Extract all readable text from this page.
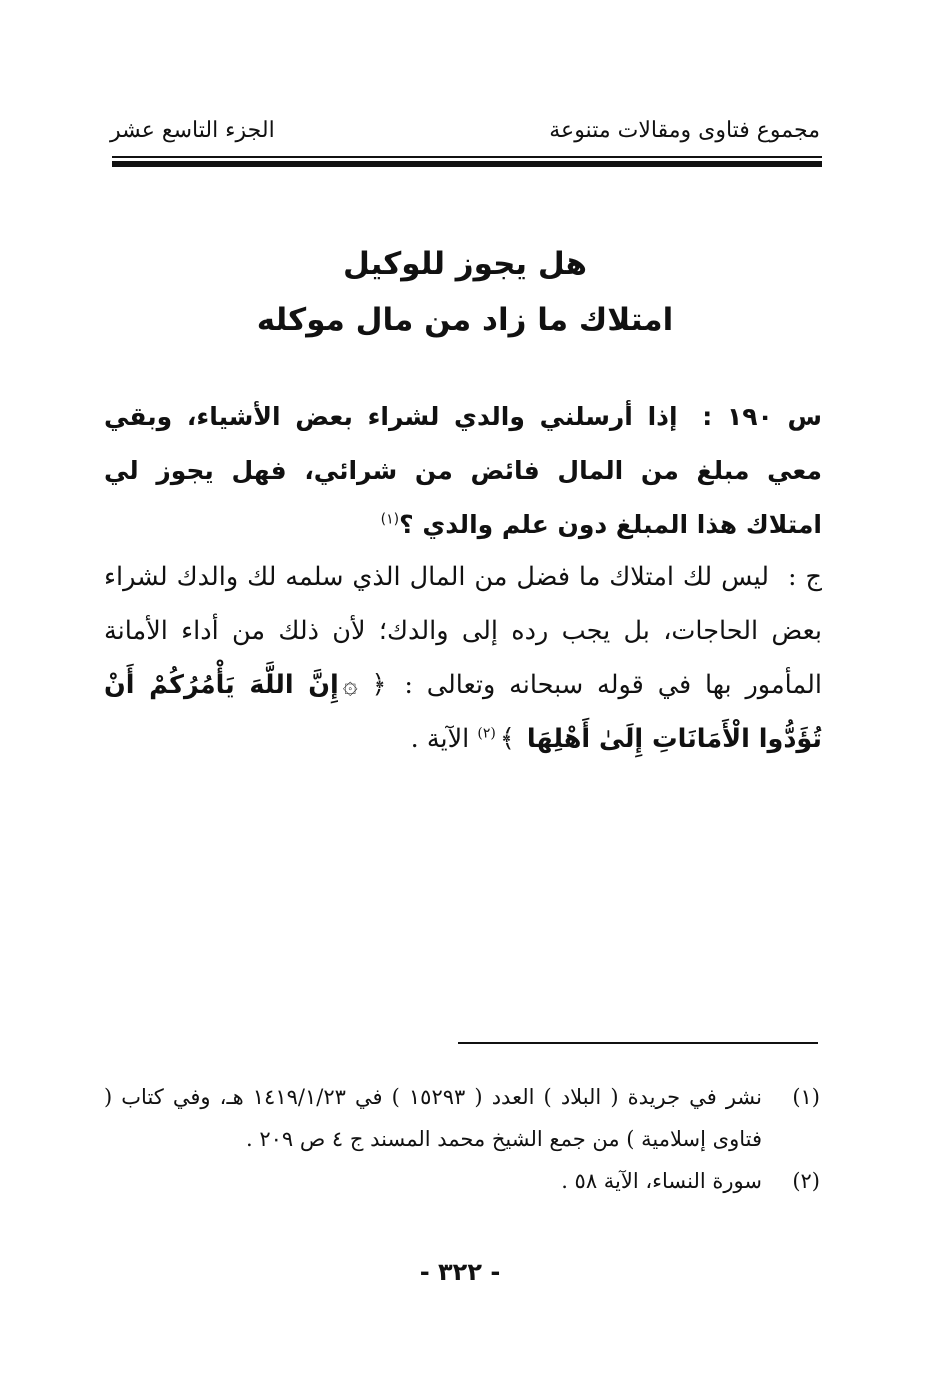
مجموع فتاوى ومقالات متنوعة
الجزء التاسع عشر
هل يجوز للوكيل
امتلاك ما زاد من مال موكله
س ١٩٠ : إذا أرسلني والدي لشراء بعض الأشياء، وبقي معي مبلغ من المال فائض من شرائي، فهل يجوز لي امتلاك هذا المبلغ دون علم والدي ؟$^{(١)}$
ج : ليس لك امتلاك ما فضل من المال الذي سلمه لك والدك لشراء بعض الحاجات، بل يجب رده إلى والدك؛ لأن ذلك من أداء الأمانة المأمور بها في قوله سبحانه وتعالى : ﴿ ۞إِنَّ اللَّهَ يَأْمُرُكُمْ أَنْ تُؤَدُّوا الْأَمَانَاتِ إِلَىٰ أَهْلِهَا ﴾$^{(٢)}$ الآية .
(١)
نشر في جريدة ( البلاد ) العدد ( ١٥٢٩٣ ) في ١٤١٩/١/٢٣ هـ، وفي كتاب ( فتاوى إسلامية ) من جمع الشيخ محمد المسند ج ٤ ص ٢٠٩ .
(٢)
سورة النساء، الآية ٥٨ .
- ٣٢٢ -
